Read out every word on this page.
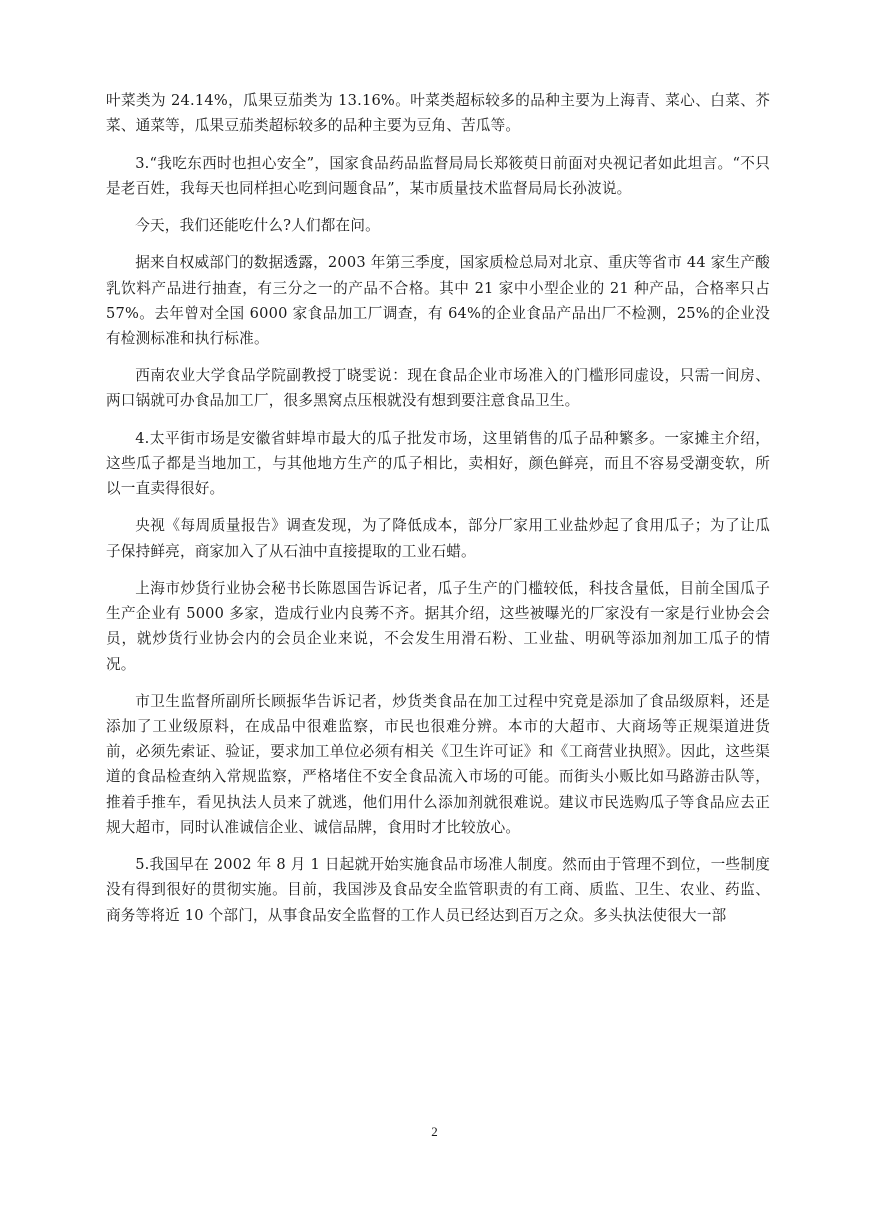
叶菜类为 24.14%，瓜果豆茄类为 13.16%。叶菜类超标较多的品种主要为上海青、菜心、白菜、芥菜、通菜等，瓜果豆茄类超标较多的品种主要为豆角、苦瓜等。

3.“我吃东西时也担心安全”，国家食品药品监督局局长郑筱萸日前面对央视记者如此坦言。“不只是老百姓，我每天也同样担心吃到问题食品”，某市质量技术监督局局长孙波说。

今天，我们还能吃什么?人们都在问。

据来自权威部门的数据透露，2003 年第三季度，国家质检总局对北京、重庆等省市 44 家生产酸乳饮料产品进行抽查，有三分之一的产品不合格。其中 21 家中小型企业的 21 种产品，合格率只占 57%。去年曾对全国 6000 家食品加工厂调查，有 64%的企业食品产品出厂不检测，25%的企业没有检测标准和执行标准。

西南农业大学食品学院副教授丁晓雯说：现在食品企业市场准入的门槛形同虚设，只需一间房、两口锅就可办食品加工厂，很多黑窝点压根就没有想到要注意食品卫生。

4.太平街市场是安徽省蚌埠市最大的瓜子批发市场，这里销售的瓜子品种繁多。一家摊主介绍，这些瓜子都是当地加工，与其他地方生产的瓜子相比，卖相好，颜色鲜亮，而且不容易受潮变软，所以一直卖得很好。

央视《每周质量报告》调查发现，为了降低成本，部分厂家用工业盐炒起了食用瓜子；为了让瓜子保持鲜亮，商家加入了从石油中直接提取的工业石蜡。

上海市炒货行业协会秘书长陈恩国告诉记者，瓜子生产的门槛较低，科技含量低，目前全国瓜子生产企业有 5000 多家，造成行业内良莠不齐。据其介绍，这些被曝光的厂家没有一家是行业协会会员，就炒货行业协会内的会员企业来说，不会发生用滑石粉、工业盐、明矾等添加剂加工瓜子的情况。

市卫生监督所副所长顾振华告诉记者，炒货类食品在加工过程中究竟是添加了食品级原料，还是添加了工业级原料，在成品中很难监察，市民也很难分辨。本市的大超市、大商场等正规渠道进货前，必须先索证、验证，要求加工单位必须有相关《卫生许可证》和《工商营业执照》。因此，这些渠道的食品检查纳入常规监察，严格堵住不安全食品流入市场的可能。而街头小贩比如马路游击队等，推着手推车，看见执法人员来了就逃，他们用什么添加剂就很难说。建议市民选购瓜子等食品应去正规大超市，同时认准诚信企业、诚信品牌，食用时才比较放心。

5.我国早在 2002 年 8 月 1 日起就开始实施食品市场准人制度。然而由于管理不到位，一些制度没有得到很好的贯彻实施。目前，我国涉及食品安全监管职责的有工商、质监、卫生、农业、药监、商务等将近 10 个部门，从事食品安全监督的工作人员已经达到百万之众。多头执法使很大一部

2
